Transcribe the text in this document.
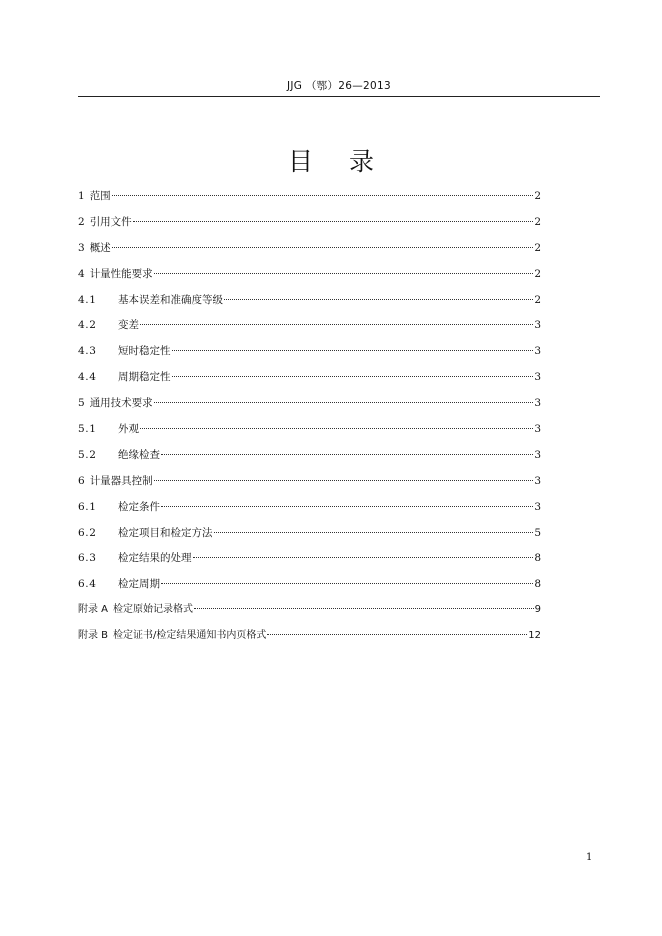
JJG （鄂）26—2013
目 录
1 范围	2
2 引用文件	2
3 概述	2
4 计量性能要求	2
4.1	基本误差和准确度等级	2
4.2	变差	3
4.3	短时稳定性	3
4.4	周期稳定性	3
5 通用技术要求	3
5.1	外观	3
5.2	绝缘检查	3
6 计量器具控制	3
6.1	检定条件	3
6.2	检定项目和检定方法	5
6.3	检定结果的处理	8
6.4	检定周期	8
附录 A 检定原始记录格式	9
附录 B 检定证书/检定结果通知书内页格式	12
1
